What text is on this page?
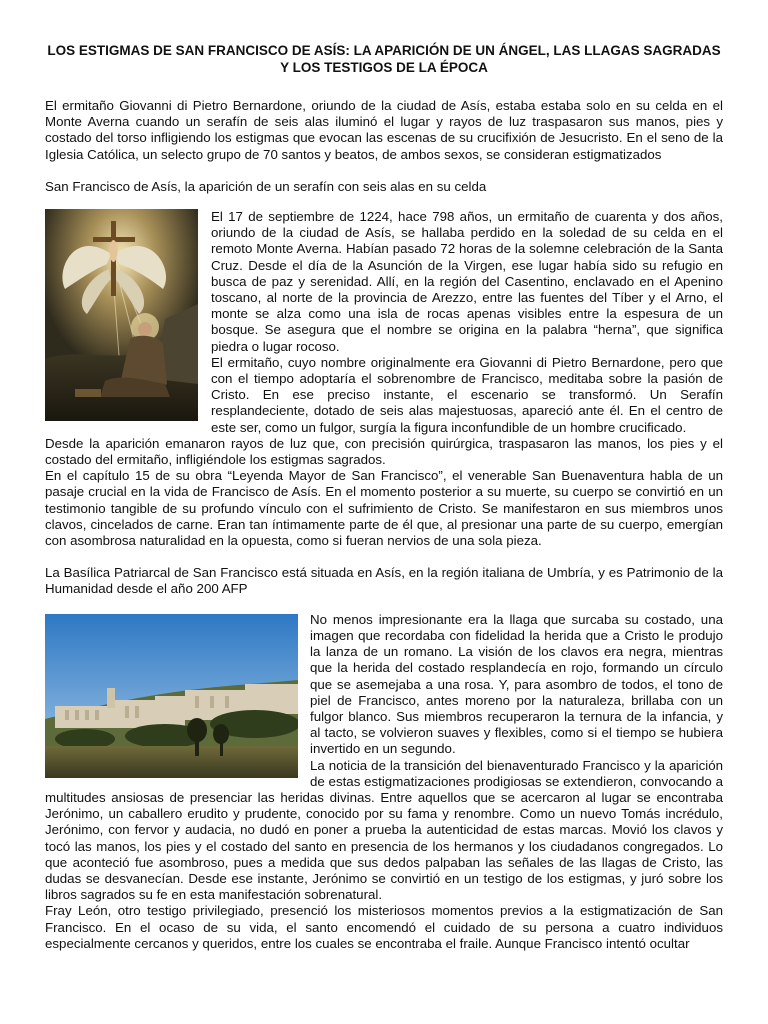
LOS ESTIGMAS DE SAN FRANCISCO DE ASÍS: LA APARICIÓN DE UN ÁNGEL, LAS LLAGAS SAGRADAS Y LOS TESTIGOS DE LA ÉPOCA

El ermitaño Giovanni di Pietro Bernardone, oriundo de la ciudad de Asís, estaba estaba solo en su celda en el Monte Averna cuando un serafín de seis alas iluminó el lugar y rayos de luz traspasaron sus manos, pies y costado del torso infligiendo los estigmas que evocan las escenas de su crucifixión de Jesucristo. En el seno de la Iglesia Católica, un selecto grupo de 70 santos y beatos, de ambos sexos, se consideran estigmatizados

San Francisco de Asís, la aparición de un serafín con seis alas en su celda

El 17 de septiembre de 1224, hace 798 años, un ermitaño de cuarenta y dos años, oriundo de la ciudad de Asís, se hallaba perdido en la soledad de su celda en el remoto Monte Averna. Habían pasado 72 horas de la solemne celebración de la Santa Cruz. Desde el día de la Asunción de la Virgen, ese lugar había sido su refugio en busca de paz y serenidad. Allí, en la región del Casentino, enclavado en el Apenino toscano, al norte de la provincia de Arezzo, entre las fuentes del Tíber y el Arno, el monte se alza como una isla de rocas apenas visibles entre la espesura de un bosque. Se asegura que el nombre se origina en la palabra “herna”, que significa piedra o lugar rocoso.

El ermitaño, cuyo nombre originalmente era Giovanni di Pietro Bernardone, pero que con el tiempo adoptaría el sobrenombre de Francisco, meditaba sobre la pasión de Cristo. En ese preciso instante, el escenario se transformó. Un Serafín resplandeciente, dotado de seis alas majestuosas, apareció ante él. En el centro de este ser, como un fulgor, surgía la figura inconfundible de un hombre crucificado.

Desde la aparición emanaron rayos de luz que, con precisión quirúrgica, traspasaron las manos, los pies y el costado del ermitaño, infligiéndole los estigmas sagrados.

En el capítulo 15 de su obra “Leyenda Mayor de San Francisco”, el venerable San Buenaventura habla de un pasaje crucial en la vida de Francisco de Asís. En el momento posterior a su muerte, su cuerpo se convirtió en un testimonio tangible de su profundo vínculo con el sufrimiento de Cristo. Se manifestaron en sus miembros unos clavos, cincelados de carne. Eran tan íntimamente parte de él que, al presionar una parte de su cuerpo, emergían con asombrosa naturalidad en la opuesta, como si fueran nervios de una sola pieza.

La Basílica Patriarcal de San Francisco está situada en Asís, en la región italiana de Umbría, y es Patrimonio de la Humanidad desde el año 200 AFP

No menos impresionante era la llaga que surcaba su costado, una imagen que recordaba con fidelidad la herida que a Cristo le produjo la lanza de un romano. La visión de los clavos era negra, mientras que la herida del costado resplandecía en rojo, formando un círculo que se asemejaba a una rosa. Y, para asombro de todos, el tono de piel de Francisco, antes moreno por la naturaleza, brillaba con un fulgor blanco. Sus miembros recuperaron la ternura de la infancia, y al tacto, se volvieron suaves y flexibles, como si el tiempo se hubiera invertido en un segundo.

La noticia de la transición del bienaventurado Francisco y la aparición de estas estigmatizaciones prodigiosas se extendieron, convocando a multitudes ansiosas de presenciar las heridas divinas. Entre aquellos que se acercaron al lugar se encontraba Jerónimo, un caballero erudito y prudente, conocido por su fama y renombre. Como un nuevo Tomás incrédulo, Jerónimo, con fervor y audacia, no dudó en poner a prueba la autenticidad de estas marcas. Movió los clavos y tocó las manos, los pies y el costado del santo en presencia de los hermanos y los ciudadanos congregados. Lo que aconteció fue asombroso, pues a medida que sus dedos palpaban las señales de las llagas de Cristo, las dudas se desvanecían. Desde ese instante, Jerónimo se convirtió en un testigo de los estigmas, y juró sobre los libros sagrados su fe en esta manifestación sobrenatural.

Fray León, otro testigo privilegiado, presenció los misteriosos momentos previos a la estigmatización de San Francisco. En el ocaso de su vida, el santo encomendó el cuidado de su persona a cuatro individuos especialmente cercanos y queridos, entre los cuales se encontraba el fraile. Aunque Francisco intentó ocultar
